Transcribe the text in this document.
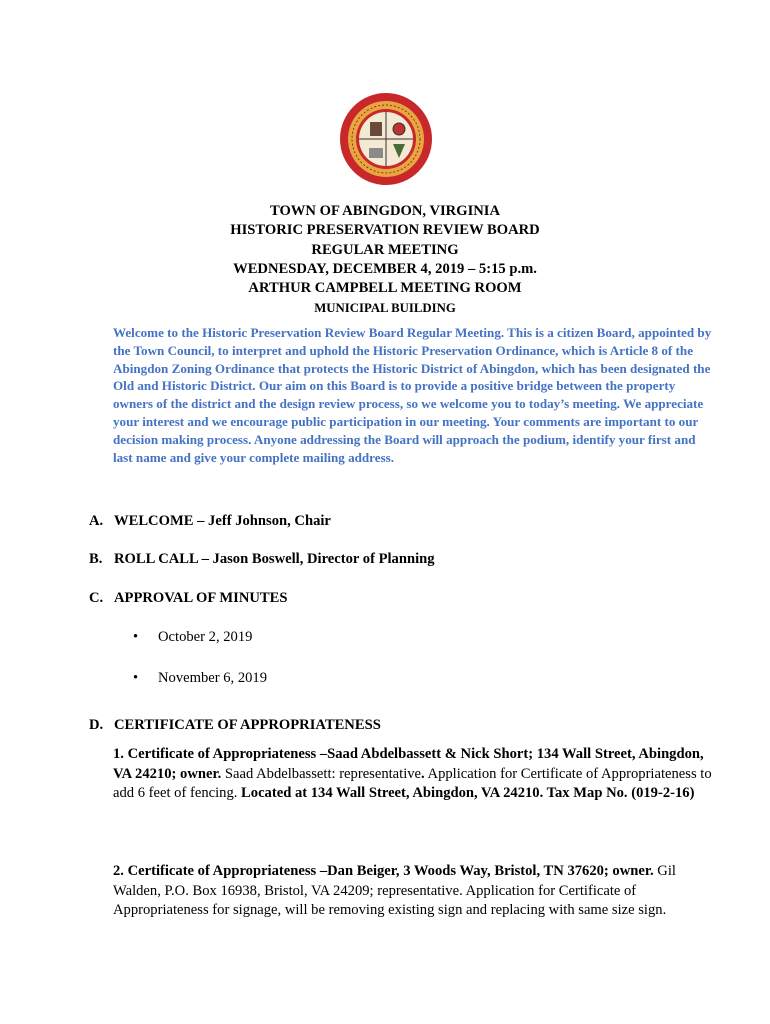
TOWN OF ABINGDON, VIRGINIA
HISTORIC PRESERVATION REVIEW BOARD
REGULAR MEETING
WEDNESDAY, DECEMBER 4, 2019 – 5:15 p.m.
ARTHUR CAMPBELL MEETING ROOM
MUNICIPAL BUILDING
Welcome to the Historic Preservation Review Board Regular Meeting. This is a citizen Board, appointed by the Town Council, to interpret and uphold the Historic Preservation Ordinance, which is Article 8 of the Abingdon Zoning Ordinance that protects the Historic District of Abingdon, which has been designated the Old and Historic District. Our aim on this Board is to provide a positive bridge between the property owners of the district and the design review process, so we welcome you to today’s meeting. We appreciate your interest and we encourage public participation in our meeting. Your comments are important to our decision making process. Anyone addressing the Board will approach the podium, identify your first and last name and give your complete mailing address.
A. WELCOME – Jeff Johnson, Chair
B. ROLL CALL – Jason Boswell, Director of Planning
C. APPROVAL OF MINUTES
• October 2, 2019
• November 6, 2019
D. CERTIFICATE OF APPROPRIATENESS
1. Certificate of Appropriateness –Saad Abdelbassett & Nick Short; 134 Wall Street, Abingdon, VA 24210; owner. Saad Abdelbassett: representative. Application for Certificate of Appropriateness to add 6 feet of fencing. Located at 134 Wall Street, Abingdon, VA 24210. Tax Map No. (019-2-16)
2. Certificate of Appropriateness –Dan Beiger, 3 Woods Way, Bristol, TN 37620; owner. Gil Walden, P.O. Box 16938, Bristol, VA 24209; representative. Application for Certificate of Appropriateness for signage, will be removing existing sign and replacing with same size sign.
